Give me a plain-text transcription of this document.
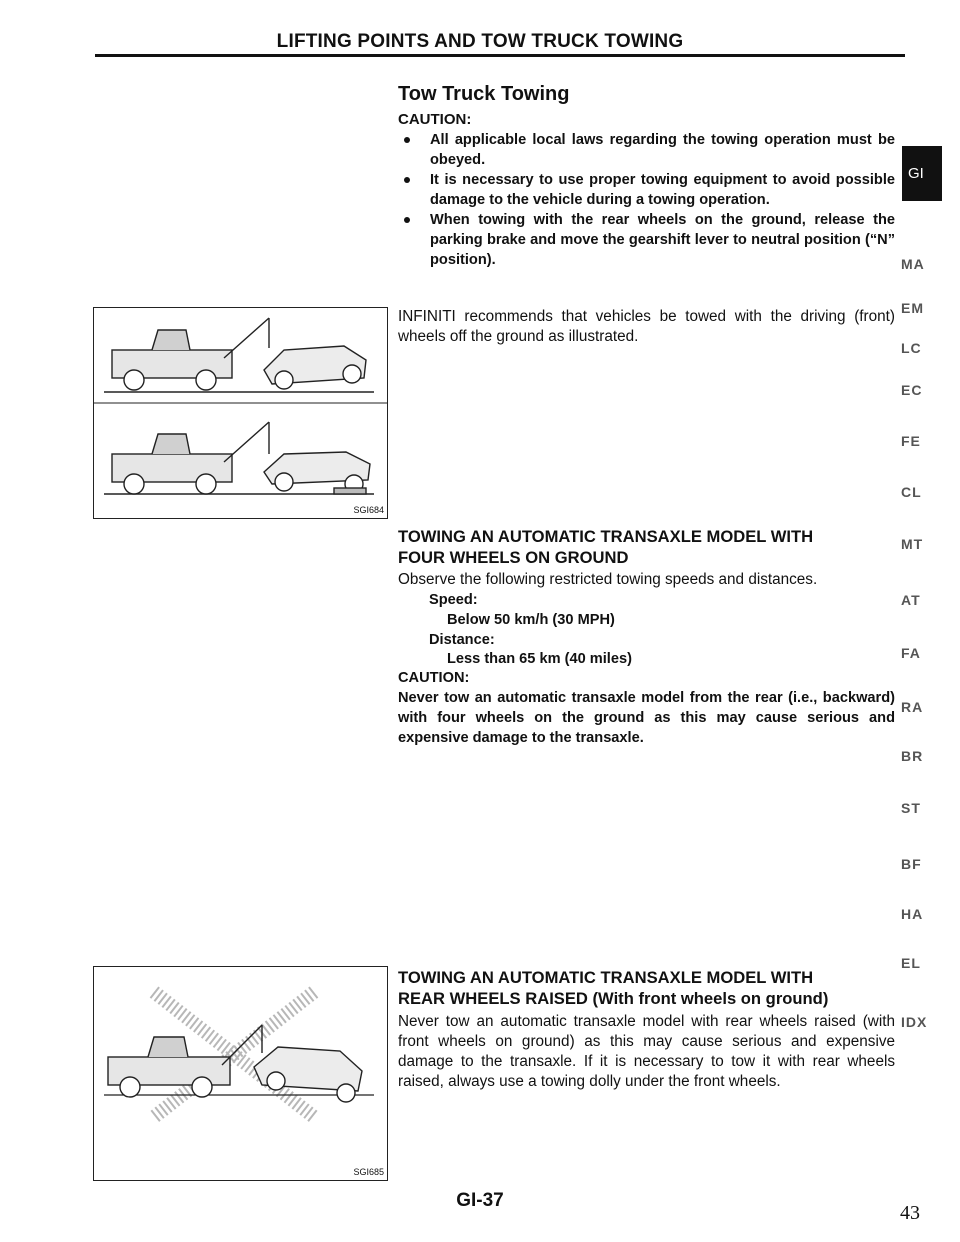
LIFTING POINTS AND TOW TRUCK TOWING
Tow Truck Towing
CAUTION:
All applicable local laws regarding the towing operation must be obeyed.
It is necessary to use proper towing equipment to avoid possible damage to the vehicle during a towing operation.
When towing with the rear wheels on the ground, release the parking brake and move the gearshift lever to neutral position (“N” position).
INFINITI recommends that vehicles be towed with the driving (front) wheels off the ground as illustrated.
SGI684
TOWING AN AUTOMATIC TRANSAXLE MODEL WITH
FOUR WHEELS ON GROUND
Observe the following restricted towing speeds and distances.
Speed:
Below 50 km/h (30 MPH)
Distance:
Less than 65 km (40 miles)
CAUTION:
Never tow an automatic transaxle model from the rear (i.e., backward) with four wheels on the ground as this may cause serious and expensive damage to the transaxle.
SGI685
TOWING AN AUTOMATIC TRANSAXLE MODEL WITH
REAR WHEELS RAISED (With front wheels on ground)
Never tow an automatic transaxle model with rear wheels raised (with front wheels on ground) as this may cause serious and expensive damage to the transaxle. If it is necessary to tow it with rear wheels raised, always use a towing dolly under the front wheels.
GI
MA
EM
LC
EC
FE
CL
MT
AT
FA
RA
BR
ST
BF
HA
EL
IDX
GI-37
43
